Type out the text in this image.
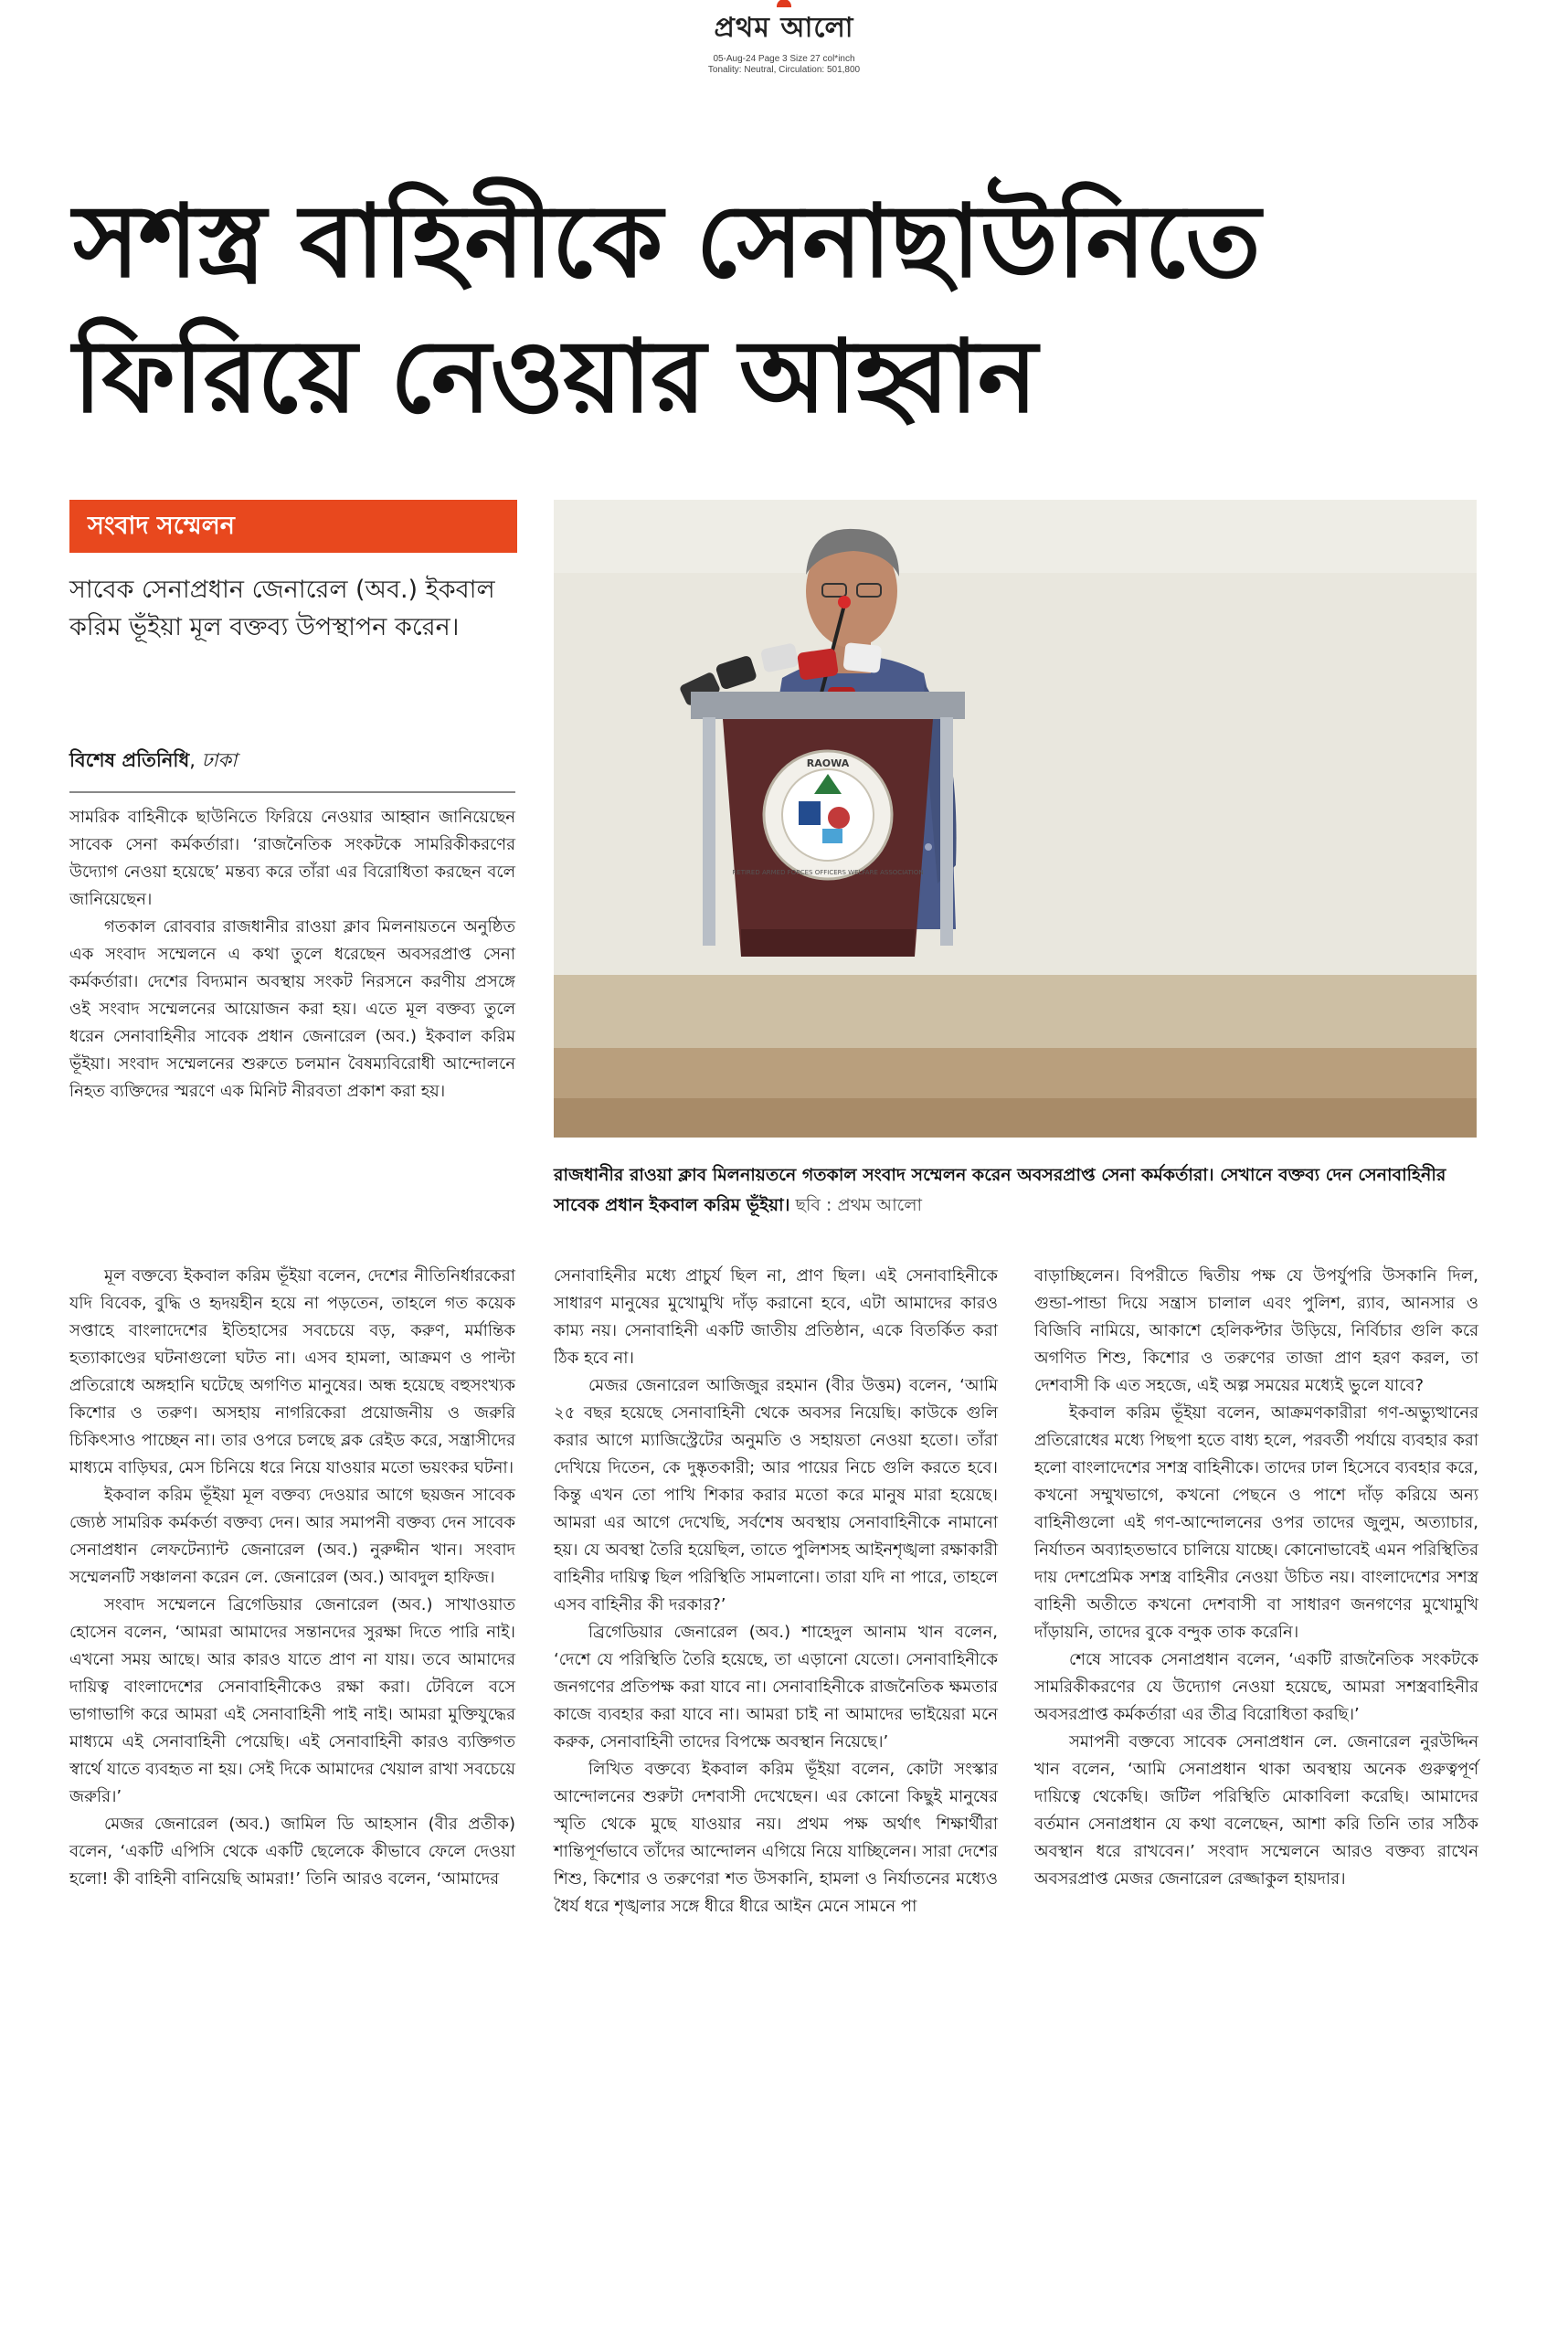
প্রথম আলো
05-Aug-24 Page 3 Size 27 col*inch
Tonality: Neutral, Circulation: 501,800
সশস্ত্র বাহিনীকে সেনাছাউনিতে
ফিরিয়ে নেওয়ার আহ্বান
সংবাদ সম্মেলন
সাবেক সেনাপ্রধান জেনারেল (অব.) ইকবাল করিম ভূঁইয়া মূল বক্তব্য উপস্থাপন করেন।
বিশেষ প্রতিনিধি, ঢাকা	RAOWA
RETIRED ARMED FORCES OFFICERS WELFARE ASSOCIATION
রাজধানীর রাওয়া ক্লাব মিলনায়তনে গতকাল সংবাদ সম্মেলন করেন অবসরপ্রাপ্ত সেনা কর্মকর্তারা। সেখানে বক্তব্য দেন সেনাবাহিনীর সাবেক প্রধান ইকবাল করিম ভূঁইয়া। ছবি : প্রথম আলো

সামরিক বাহিনীকে ছাউনিতে ফিরিয়ে নেওয়ার আহ্বান জানিয়েছেন সাবেক সেনা কর্মকর্তারা। ‘রাজনৈতিক সংকটকে সামরিকীকরণের উদ্যোগ নেওয়া হয়েছে’ মন্তব্য করে তাঁরা এর বিরোধিতা করছেন বলে জানিয়েছেন।

গতকাল রোববার রাজধানীর রাওয়া ক্লাব মিলনায়তনে অনুষ্ঠিত এক সংবাদ সম্মেলনে এ কথা তুলে ধরেছেন অবসরপ্রাপ্ত সেনা কর্মকর্তারা। দেশের বিদ্যমান অবস্থায় সংকট নিরসনে করণীয় প্রসঙ্গে ওই সংবাদ সম্মেলনের আয়োজন করা হয়। এতে মূল বক্তব্য তুলে ধরেন সেনাবাহিনীর সাবেক প্রধান জেনারেল (অব.) ইকবাল করিম ভূঁইয়া। সংবাদ সম্মেলনের শুরুতে চলমান বৈষম্যবিরোধী আন্দোলনে নিহত ব্যক্তিদের স্মরণে এক মিনিট নীরবতা প্রকাশ করা হয়।

মূল বক্তব্যে ইকবাল করিম ভূঁইয়া বলেন, দেশের নীতিনির্ধারকেরা যদি বিবেক, বুদ্ধি ও হৃদয়হীন হয়ে না পড়তেন, তাহলে গত কয়েক সপ্তাহে বাংলাদেশের ইতিহাসের সবচেয়ে বড়, করুণ, মর্মান্তিক হত্যাকাণ্ডের ঘটনাগুলো ঘটত না। এসব হামলা, আক্রমণ ও পাল্টা প্রতিরোধে অঙ্গহানি ঘটেছে অগণিত মানুষের। অন্ধ হয়েছে বহুসংখ্যক কিশোর ও তরুণ। অসহায় নাগরিকেরা প্রয়োজনীয় ও জরুরি চিকিৎসাও পাচ্ছেন না। তার ওপরে চলছে ব্লক রেইড করে, সন্ত্রাসীদের মাধ্যমে বাড়িঘর, মেস চিনিয়ে ধরে নিয়ে যাওয়ার মতো ভয়ংকর ঘটনা।

ইকবাল করিম ভূঁইয়া মূল বক্তব্য দেওয়ার আগে ছয়জন সাবেক জ্যেষ্ঠ সামরিক কর্মকর্তা বক্তব্য দেন। আর সমাপনী বক্তব্য দেন সাবেক সেনাপ্রধান লেফটেন্যান্ট জেনারেল (অব.) নুরুদ্দীন খান। সংবাদ সম্মেলনটি সঞ্চালনা করেন লে. জেনারেল (অব.) আবদুল হাফিজ।

সংবাদ সম্মেলনে ব্রিগেডিয়ার জেনারেল (অব.) সাখাওয়াত হোসেন বলেন, ‘আমরা আমাদের সন্তানদের সুরক্ষা দিতে পারি নাই। এখনো সময় আছে। আর কারও যাতে প্রাণ না যায়। তবে আমাদের দায়িত্ব বাংলাদেশের সেনাবাহিনীকেও রক্ষা করা। টেবিলে বসে ভাগাভাগি করে আমরা এই সেনাবাহিনী পাই নাই। আমরা মুক্তিযুদ্ধের মাধ্যমে এই সেনাবাহিনী পেয়েছি। এই সেনাবাহিনী কারও ব্যক্তিগত স্বার্থে যাতে ব্যবহৃত না হয়। সেই দিকে আমাদের খেয়াল রাখা সবচেয়ে জরুরি।’

মেজর জেনারেল (অব.) জামিল ডি আহসান (বীর প্রতীক) বলেন, ‘একটি এপিসি থেকে একটি ছেলেকে কীভাবে ফেলে দেওয়া হলো! কী বাহিনী বানিয়েছি আমরা!’ তিনি আরও বলেন, ‘আমাদের

সেনাবাহিনীর মধ্যে প্রাচুর্য ছিল না, প্রাণ ছিল। এই সেনাবাহিনীকে সাধারণ মানুষের মুখোমুখি দাঁড় করানো হবে, এটা আমাদের কারও কাম্য নয়। সেনাবাহিনী একটি জাতীয় প্রতিষ্ঠান, একে বিতর্কিত করা ঠিক হবে না।

মেজর জেনারেল আজিজুর রহমান (বীর উত্তম) বলেন, ‘আমি ২৫ বছর হয়েছে সেনাবাহিনী থেকে অবসর নিয়েছি। কাউকে গুলি করার আগে ম্যাজিস্ট্রেটের অনুমতি ও সহায়তা নেওয়া হতো। তাঁরা দেখিয়ে দিতেন, কে দুষ্কৃতকারী; আর পায়ের নিচে গুলি করতে হবে। কিন্তু এখন তো পাখি শিকার করার মতো করে মানুষ মারা হয়েছে। আমরা এর আগে দেখেছি, সর্বশেষ অবস্থায় সেনাবাহিনীকে নামানো হয়। যে অবস্থা তৈরি হয়েছিল, তাতে পুলিশসহ আইনশৃঙ্খলা রক্ষাকারী বাহিনীর দায়িত্ব ছিল পরিস্থিতি সামলানো। তারা যদি না পারে, তাহলে এসব বাহিনীর কী দরকার?’

ব্রিগেডিয়ার জেনারেল (অব.) শাহেদুল আনাম খান বলেন, ‘দেশে যে পরিস্থিতি তৈরি হয়েছে, তা এড়ানো যেতো। সেনাবাহিনীকে জনগণের প্রতিপক্ষ করা যাবে না। সেনাবাহিনীকে রাজনৈতিক ক্ষমতার কাজে ব্যবহার করা যাবে না। আমরা চাই না আমাদের ভাইয়েরা মনে করুক, সেনাবাহিনী তাদের বিপক্ষে অবস্থান নিয়েছে।’

লিখিত বক্তব্যে ইকবাল করিম ভূঁইয়া বলেন, কোটা সংস্কার আন্দোলনের শুরুটা দেশবাসী দেখেছেন। এর কোনো কিছুই মানুষের স্মৃতি থেকে মুছে যাওয়ার নয়। প্রথম পক্ষ অর্থাৎ শিক্ষার্থীরা শান্তিপূর্ণভাবে তাঁদের আন্দোলন এগিয়ে নিয়ে যাচ্ছিলেন। সারা দেশের শিশু, কিশোর ও তরুণেরা শত উসকানি, হামলা ও নির্যাতনের মধ্যেও ধৈর্য ধরে শৃঙ্খলার সঙ্গে ধীরে ধীরে আইন মেনে সামনে পা

বাড়াচ্ছিলেন। বিপরীতে দ্বিতীয় পক্ষ যে উপর্যুপরি উসকানি দিল, গুন্ডা-পান্ডা দিয়ে সন্ত্রাস চালাল এবং পুলিশ, র‍্যাব, আনসার ও বিজিবি নামিয়ে, আকাশে হেলিকপ্টার উড়িয়ে, নির্বিচার গুলি করে অগণিত শিশু, কিশোর ও তরুণের তাজা প্রাণ হরণ করল, তা দেশবাসী কি এত সহজে, এই অল্প সময়ের মধ্যেই ভুলে যাবে?

ইকবাল করিম ভূঁইয়া বলেন, আক্রমণকারীরা গণ-অভ্যুত্থানের প্রতিরোধের মধ্যে পিছপা হতে বাধ্য হলে, পরবর্তী পর্যায়ে ব্যবহার করা হলো বাংলাদেশের সশস্ত্র বাহিনীকে। তাদের ঢাল হিসেবে ব্যবহার করে, কখনো সম্মুখভাগে, কখনো পেছনে ও পাশে দাঁড় করিয়ে অন্য বাহিনীগুলো এই গণ-আন্দোলনের ওপর তাদের জুলুম, অত্যাচার, নির্যাতন অব্যাহতভাবে চালিয়ে যাচ্ছে। কোনোভাবেই এমন পরিস্থিতির দায় দেশপ্রেমিক সশস্ত্র বাহিনীর নেওয়া উচিত নয়। বাংলাদেশের সশস্ত্র বাহিনী অতীতে কখনো দেশবাসী বা সাধারণ জনগণের মুখোমুখি দাঁড়ায়নি, তাদের বুকে বন্দুক তাক করেনি।

শেষে সাবেক সেনাপ্রধান বলেন, ‘একটি রাজনৈতিক সংকটকে সামরিকীকরণের যে উদ্যোগ নেওয়া হয়েছে, আমরা সশস্ত্রবাহিনীর অবসরপ্রাপ্ত কর্মকর্তারা এর তীব্র বিরোধিতা করছি।’

সমাপনী বক্তব্যে সাবেক সেনাপ্রধান লে. জেনারেল নুরউদ্দিন খান বলেন, ‘আমি সেনাপ্রধান থাকা অবস্থায় অনেক গুরুত্বপূর্ণ দায়িত্বে থেকেছি। জটিল পরিস্থিতি মোকাবিলা করেছি। আমাদের বর্তমান সেনাপ্রধান যে কথা বলেছেন, আশা করি তিনি তার সঠিক অবস্থান ধরে রাখবেন।’ সংবাদ সম্মেলনে আরও বক্তব্য রাখেন অবসরপ্রাপ্ত মেজর জেনারেল রেজ্জাকুল হায়দার।
